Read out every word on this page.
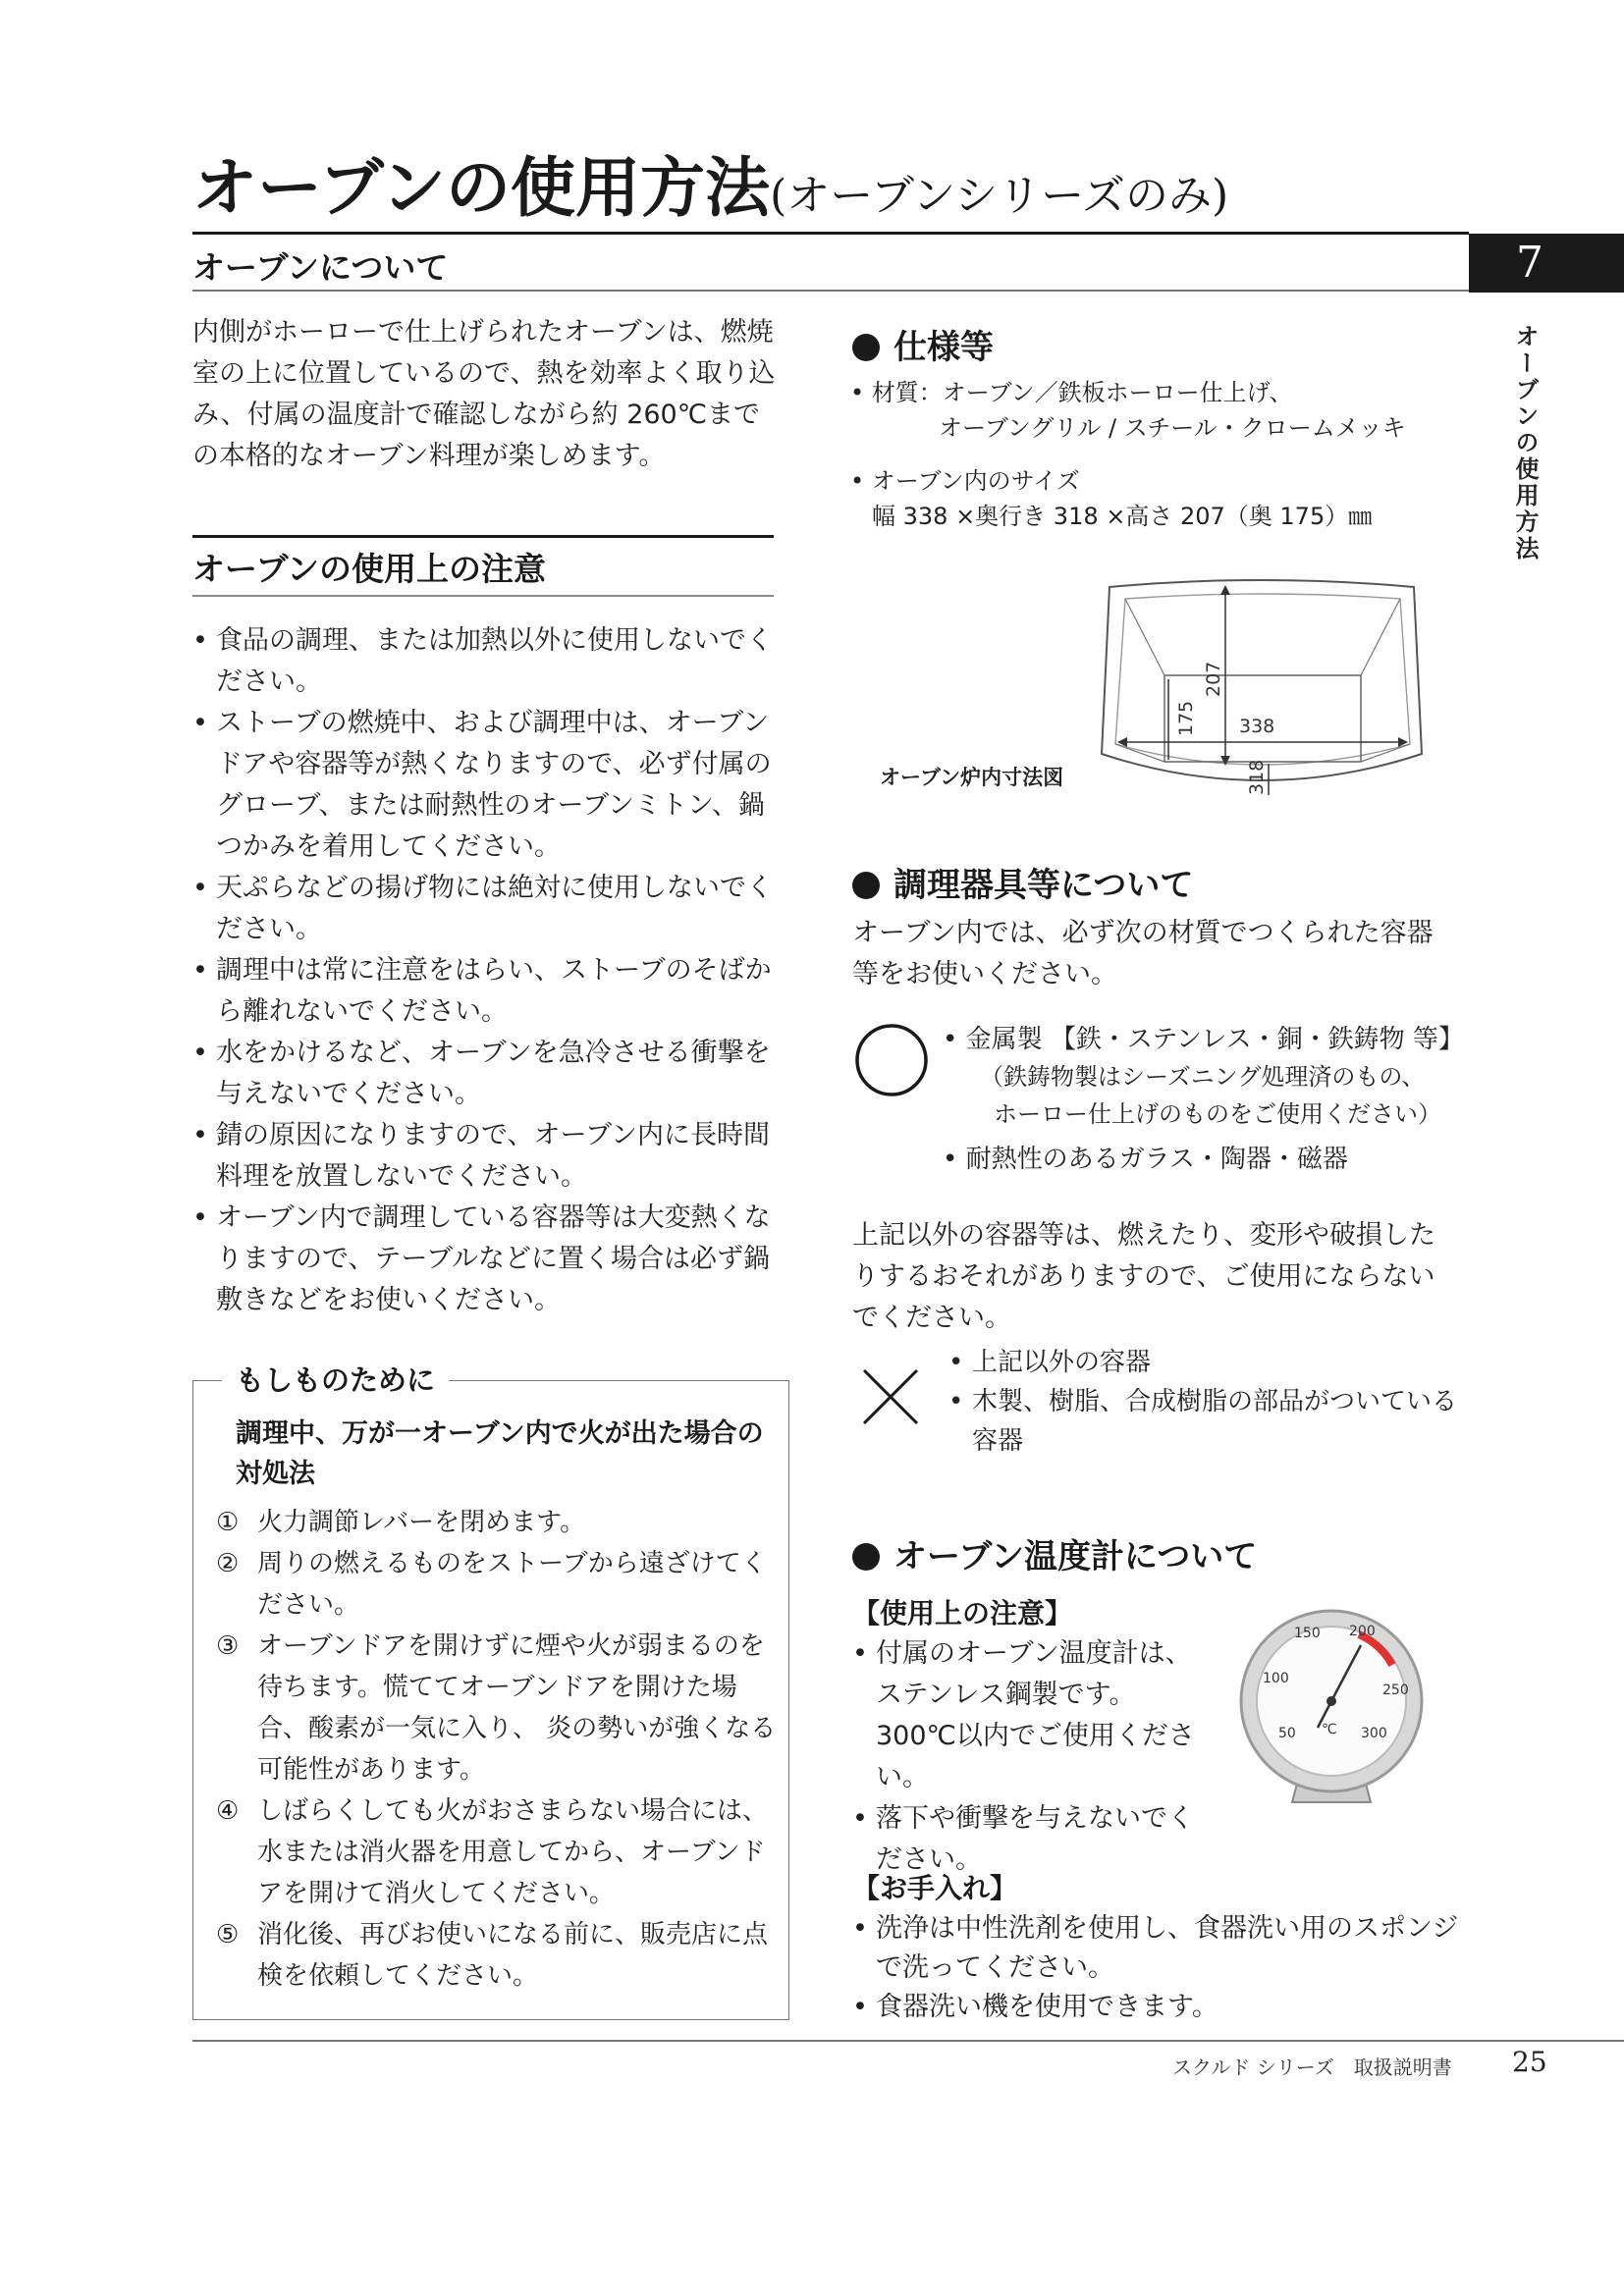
オーブンの使用方法(オーブンシリーズのみ)
オーブンについて	7
オーブンの使用方法
内側がホーローで仕上げられたオーブンは、燃焼室の上に位置しているので、熱を効率よく取り込み、付属の温度計で確認しながら約 260℃までの本格的なオーブン料理が楽しめます。
オーブンの使用上の注意
• 食品の調理、または加熱以外に使用しないでください。
• ストーブの燃焼中、および調理中は、オーブンドアや容器等が熱くなりますので、必ず付属のグローブ、または耐熱性のオーブンミトン、鍋つかみを着用してください。
• 天ぷらなどの揚げ物には絶対に使用しないでください。
• 調理中は常に注意をはらい、ストーブのそばから離れないでください。
• 水をかけるなど、オーブンを急冷させる衝撃を与えないでください。
• 錆の原因になりますので、オーブン内に長時間料理を放置しないでください。
• オーブン内で調理している容器等は大変熱くなりますので、テーブルなどに置く場合は必ず鍋敷きなどをお使いください。
もしものために
調理中、万が一オーブン内で火が出た場合の対処法
① 火力調節レバーを閉めます。
② 周りの燃えるものをストーブから遠ざけてください。
③ オーブンドアを開けずに煙や火が弱まるのを待ちます。慌ててオーブンドアを開けた場合、酸素が一気に入り、 炎の勢いが強くなる可能性があります。
④ しばらくしても火がおさまらない場合には、水または消火器を用意してから、オーブンドアを開けて消火してください。
⑤ 消化後、再びお使いになる前に、販売店に点検を依頼してください。
仕様等
• 材質：オーブン／鉄板ホーロー仕上げ、
オーブングリル / スチール・クロームメッキ
• オーブン内のサイズ
幅 338 ×奥行き 318 ×高さ 207（奥 175）㎜
207
175 338
318
オーブン炉内寸法図
調理器具等について
オーブン内では、必ず次の材質でつくられた容器等をお使いください。
• 金属製 【鉄・ステンレス・銅・鉄鋳物 等】
（鉄鋳物製はシーズニング処理済のもの、
ホーロー仕上げのものをご使用ください）
• 耐熱性のあるガラス・陶器・磁器
上記以外の容器等は、燃えたり、変形や破損したりするおそれがありますので、ご使用にならないでください。
• 上記以外の容器
• 木製、樹脂、合成樹脂の部品がついている容器
オーブン温度計について
【使用上の注意】
• 付属のオーブン温度計は、ステンレス鋼製です。300℃以内でご使用ください。
• 落下や衝撃を与えないでください。
150 200
250
300
100
50 ℃
【お手入れ】
• 洗浄は中性洗剤を使用し、食器洗い用のスポンジで洗ってください。
• 食器洗い機を使用できます。
スクルド シリーズ　取扱説明書 25
